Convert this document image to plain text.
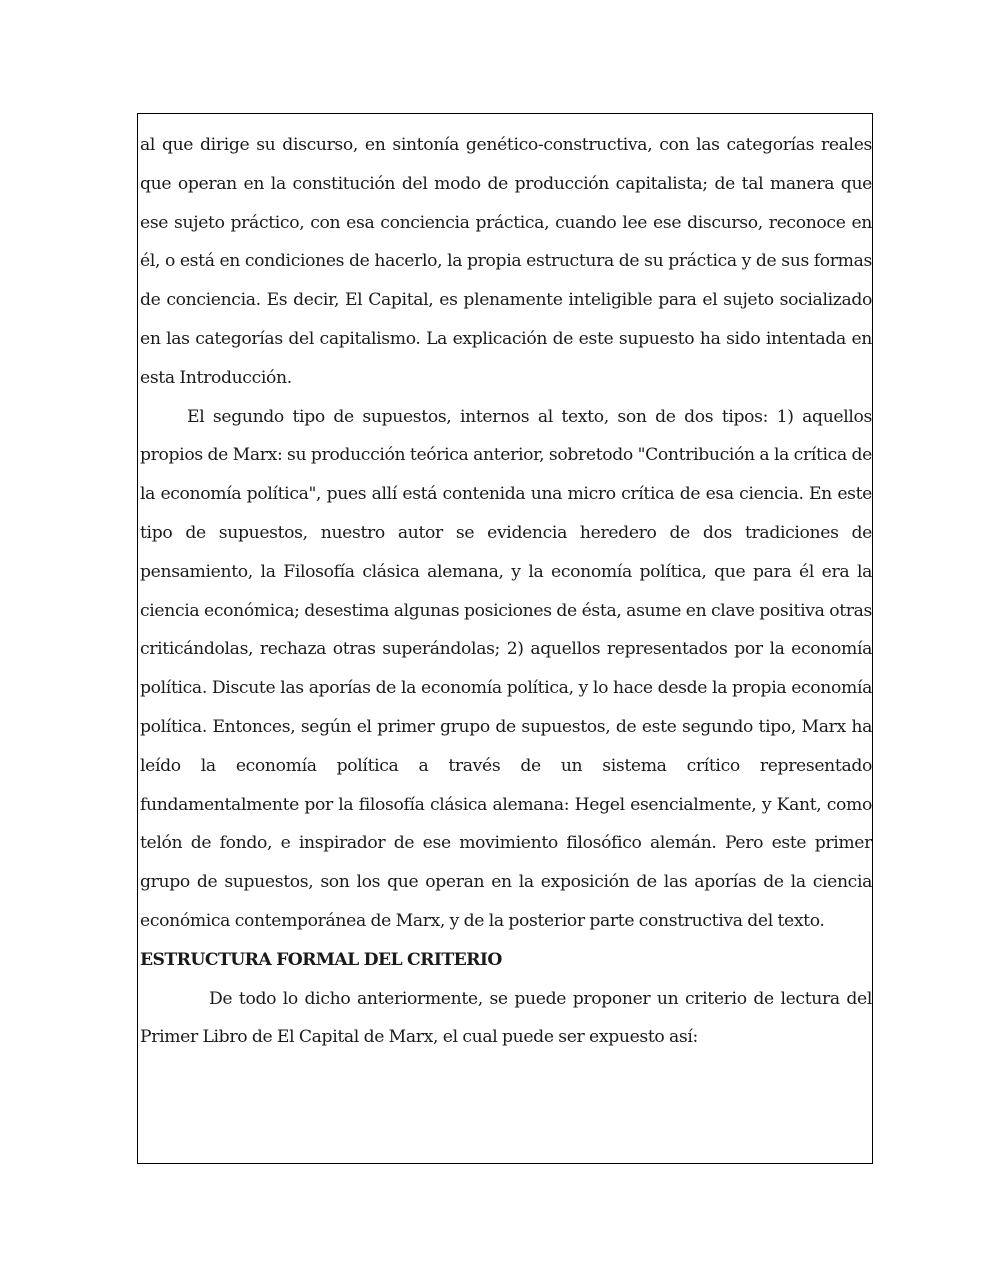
al que dirige su discurso, en sintonía genético-constructiva, con las categorías reales que operan en la constitución del modo de producción capitalista; de tal manera que ese sujeto práctico, con esa conciencia práctica, cuando lee ese discurso, reconoce en él, o está en condiciones de hacerlo, la propia estructura de su práctica y de sus formas de conciencia. Es decir, El Capital, es plenamente inteligible para el sujeto socializado en las categorías del capitalismo. La explicación de este supuesto ha sido intentada en esta Introducción.

El segundo tipo de supuestos, internos al texto, son de dos tipos: 1) aquellos propios de Marx: su producción teórica anterior, sobretodo "Contribución a la crítica de la economía política", pues allí está contenida una micro crítica de esa ciencia. En este tipo de supuestos, nuestro autor se evidencia heredero de dos tradiciones de pensamiento, la Filosofía clásica alemana, y la economía política, que para él era la ciencia económica; desestima algunas posiciones de ésta, asume en clave positiva otras criticándolas, rechaza otras superándolas; 2) aquellos representados por la economía política. Discute las aporías de la economía política, y lo hace desde la propia economía política. Entonces, según el primer grupo de supuestos, de este segundo tipo, Marx ha leído la economía política a través de un sistema crítico representado fundamentalmente por la filosofía clásica alemana: Hegel esencialmente, y Kant, como telón de fondo, e inspirador de ese movimiento filosófico alemán. Pero este primer grupo de supuestos, son los que operan en la exposición de las aporías de la ciencia económica contemporánea de Marx, y de la posterior parte constructiva del texto.

ESTRUCTURA FORMAL DEL CRITERIO

De todo lo dicho anteriormente, se puede proponer un criterio de lectura del Primer Libro de El Capital de Marx, el cual puede ser expuesto así:
